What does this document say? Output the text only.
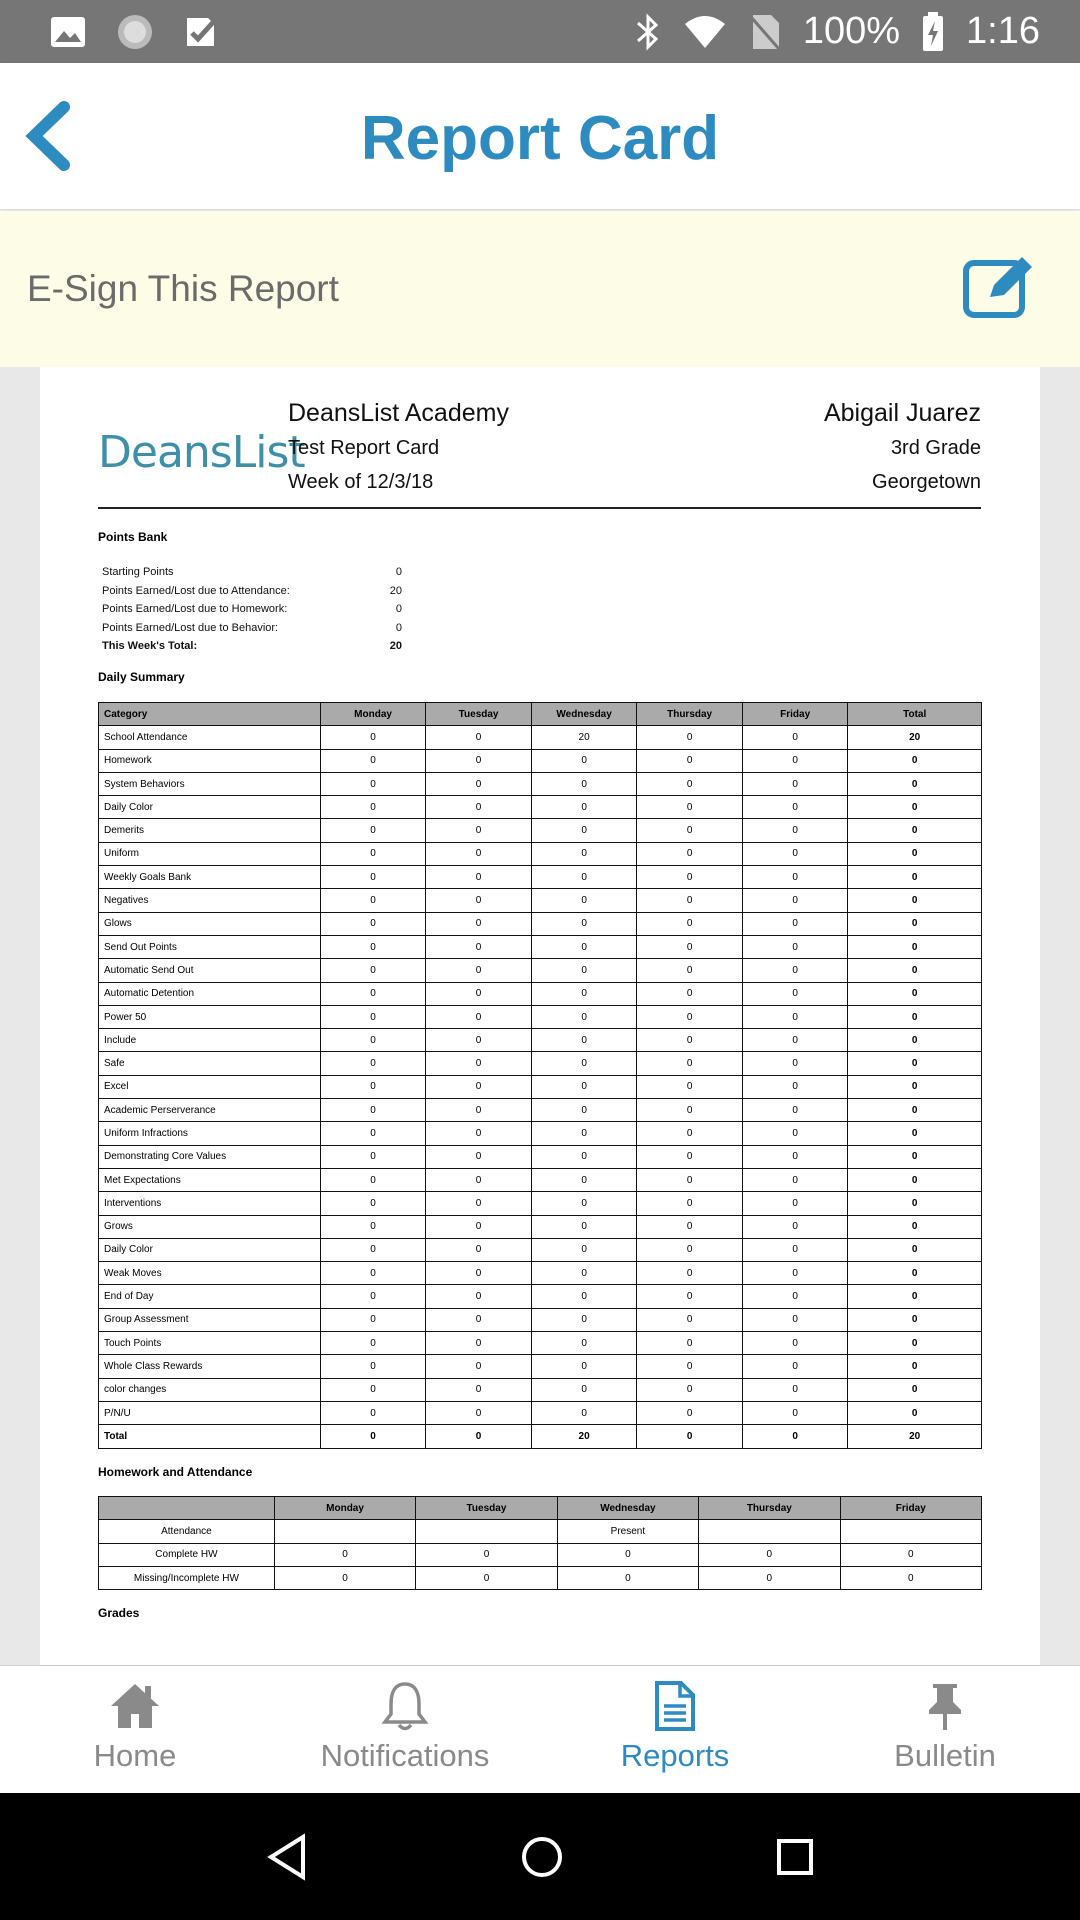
100% 1:16
Report Card
E-Sign This Report
DeansList
DeansList Academy
Test Report Card
Week of 12/3/18
Abigail Juarez
3rd Grade
Georgetown
Points Bank
Starting Points	0
Points Earned/Lost due to Attendance:	20
Points Earned/Lost due to Homework:	0
Points Earned/Lost due to Behavior:	0
This Week's Total:	20
Daily Summary
Category	Monday	Tuesday	Wednesday	Thursday	Friday	Total
School Attendance	0	0	20	0	0	20
Homework	0	0	0	0	0	0
System Behaviors	0	0	0	0	0	0
Daily Color	0	0	0	0	0	0
Demerits	0	0	0	0	0	0
Uniform	0	0	0	0	0	0
Weekly Goals Bank	0	0	0	0	0	0
Negatives	0	0	0	0	0	0
Glows	0	0	0	0	0	0
Send Out Points	0	0	0	0	0	0
Automatic Send Out	0	0	0	0	0	0
Automatic Detention	0	0	0	0	0	0
Power 50	0	0	0	0	0	0
Include	0	0	0	0	0	0
Safe	0	0	0	0	0	0
Excel	0	0	0	0	0	0
Academic Perserverance	0	0	0	0	0	0
Uniform Infractions	0	0	0	0	0	0
Demonstrating Core Values	0	0	0	0	0	0
Met Expectations	0	0	0	0	0	0
Interventions	0	0	0	0	0	0
Grows	0	0	0	0	0	0
Daily Color	0	0	0	0	0	0
Weak Moves	0	0	0	0	0	0
End of Day	0	0	0	0	0	0
Group Assessment	0	0	0	0	0	0
Touch Points	0	0	0	0	0	0
Whole Class Rewards	0	0	0	0	0	0
color changes	0	0	0	0	0	0
P/N/U	0	0	0	0	0	0
Total	0	0	20	0	0	20
Homework and Attendance
	Monday	Tuesday	Wednesday	Thursday	Friday
Attendance			Present		
Complete HW	0	0	0	0	0
Missing/Incomplete HW	0	0	0	0	0
Grades
Home	Notifications	Reports	Bulletin
